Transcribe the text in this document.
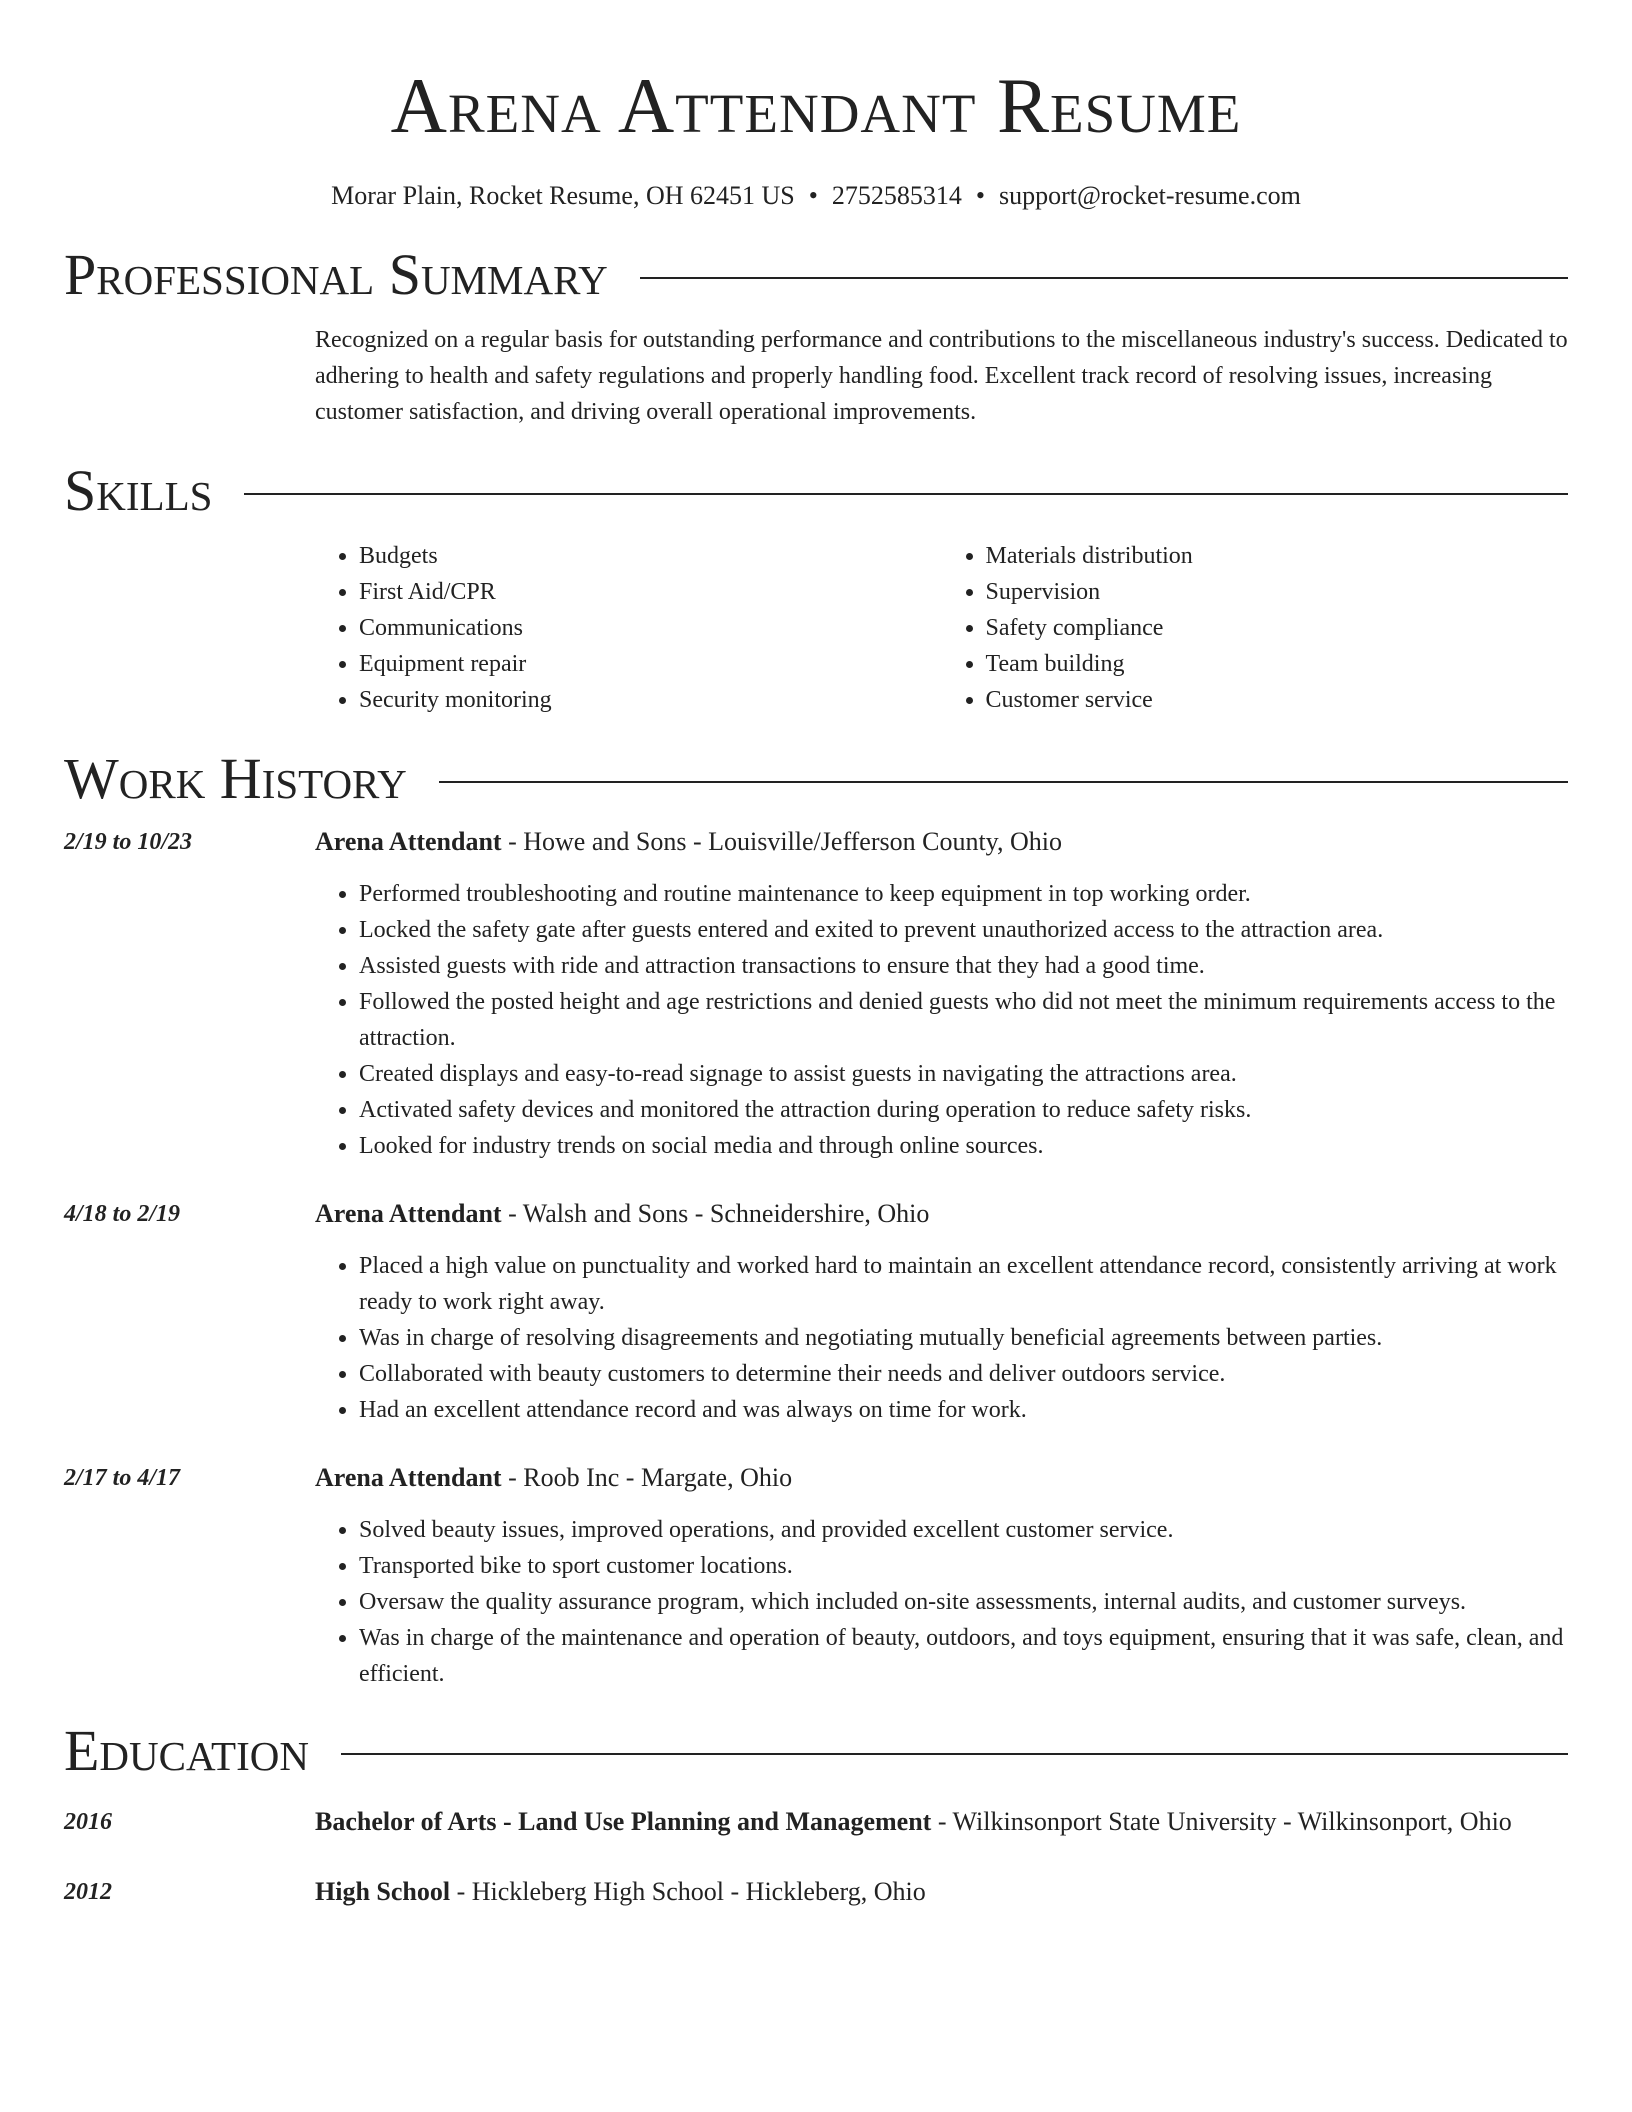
Arena Attendant Resume
Morar Plain, Rocket Resume, OH 62451 US • 2752585314 • support@rocket-resume.com
Professional Summary

Recognized on a regular basis for outstanding performance and contributions to the miscellaneous industry's success. Dedicated to adhering to health and safety regulations and properly handling food. Excellent track record of resolving issues, increasing customer satisfaction, and driving overall operational improvements.

Skills
• Budgets
• First Aid/CPR
• Communications
• Equipment repair
• Security monitoring
• Materials distribution
• Supervision
• Safety compliance
• Team building
• Customer service
Work History
2/19 to 10/23	Arena Attendant - Howe and Sons - Louisville/Jefferson County, Ohio
• Performed troubleshooting and routine maintenance to keep equipment in top working order.
• Locked the safety gate after guests entered and exited to prevent unauthorized access to the attraction area.
• Assisted guests with ride and attraction transactions to ensure that they had a good time.
• Followed the posted height and age restrictions and denied guests who did not meet the minimum requirements access to the attraction.
• Created displays and easy-to-read signage to assist guests in navigating the attractions area.
• Activated safety devices and monitored the attraction during operation to reduce safety risks.
• Looked for industry trends on social media and through online sources.
4/18 to 2/19	Arena Attendant - Walsh and Sons - Schneidershire, Ohio
• Placed a high value on punctuality and worked hard to maintain an excellent attendance record, consistently arriving at work ready to work right away.
• Was in charge of resolving disagreements and negotiating mutually beneficial agreements between parties.
• Collaborated with beauty customers to determine their needs and deliver outdoors service.
• Had an excellent attendance record and was always on time for work.
2/17 to 4/17	Arena Attendant - Roob Inc - Margate, Ohio
• Solved beauty issues, improved operations, and provided excellent customer service.
• Transported bike to sport customer locations.
• Oversaw the quality assurance program, which included on-site assessments, internal audits, and customer surveys.
• Was in charge of the maintenance and operation of beauty, outdoors, and toys equipment, ensuring that it was safe, clean, and efficient.
Education
2016	Bachelor of Arts - Land Use Planning and Management - Wilkinsonport State University - Wilkinsonport, Ohio
2012	High School - Hickleberg High School - Hickleberg, Ohio
